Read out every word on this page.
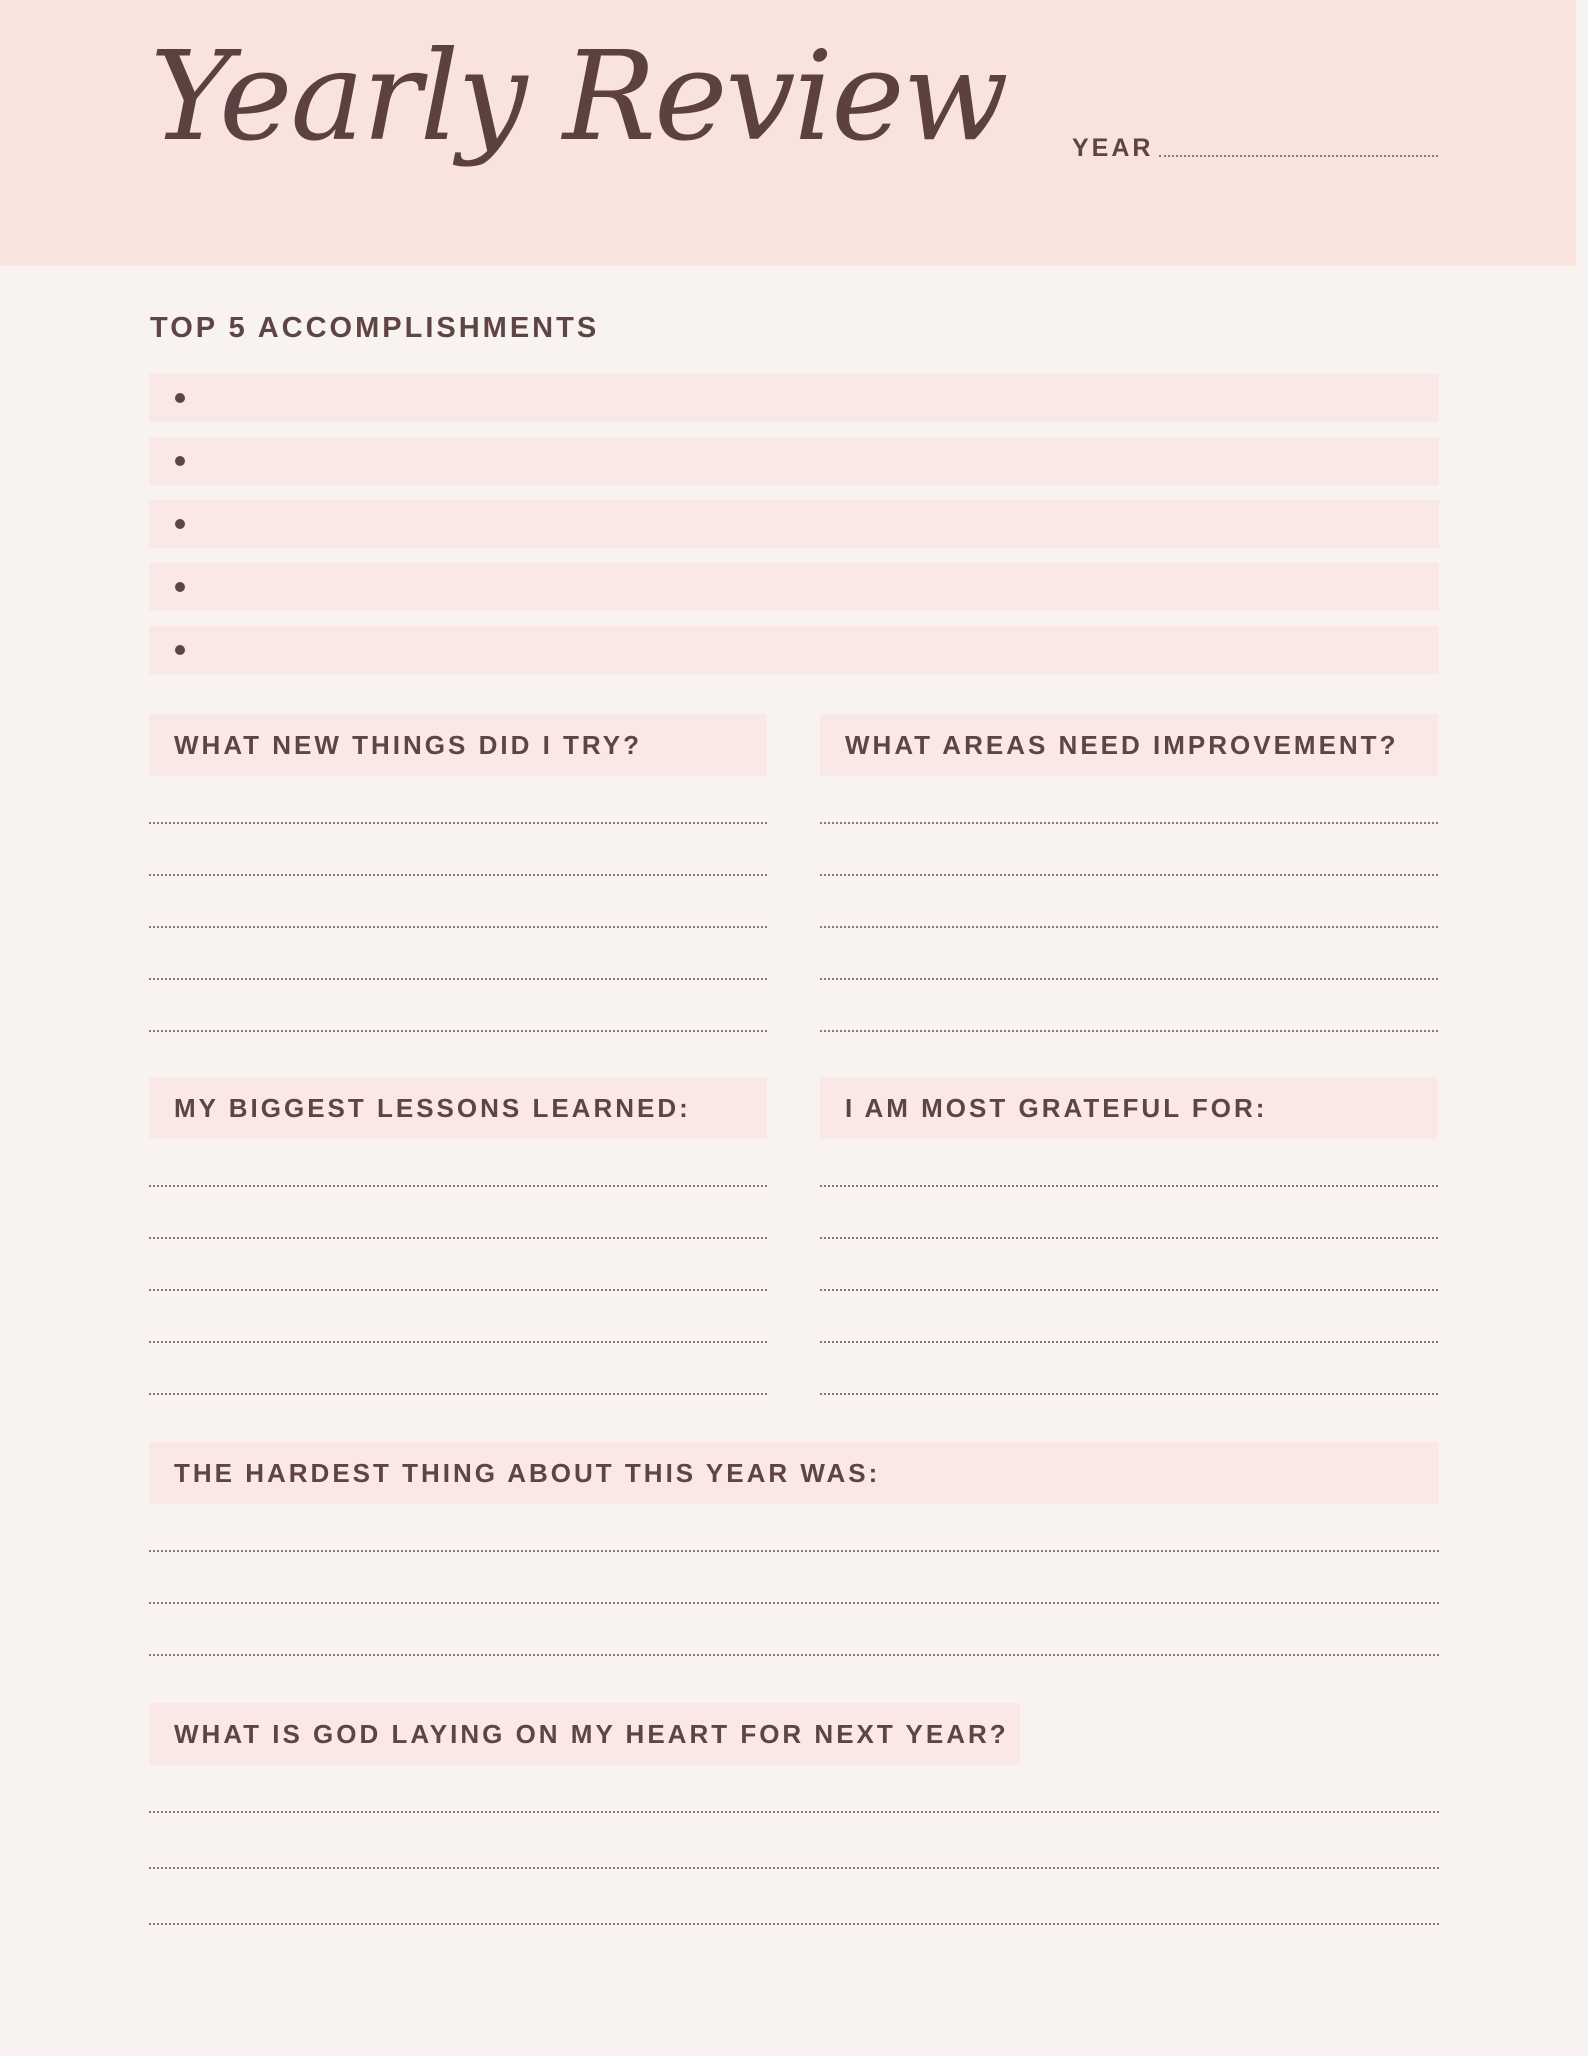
Yearly Review	YEAR
TOP 5 ACCOMPLISHMENTS
WHAT NEW THINGS DID I TRY?	WHAT AREAS NEED IMPROVEMENT?
MY BIGGEST LESSONS LEARNED:	I AM MOST GRATEFUL FOR:
THE HARDEST THING ABOUT THIS YEAR WAS:
WHAT IS GOD LAYING ON MY HEART FOR NEXT YEAR?
